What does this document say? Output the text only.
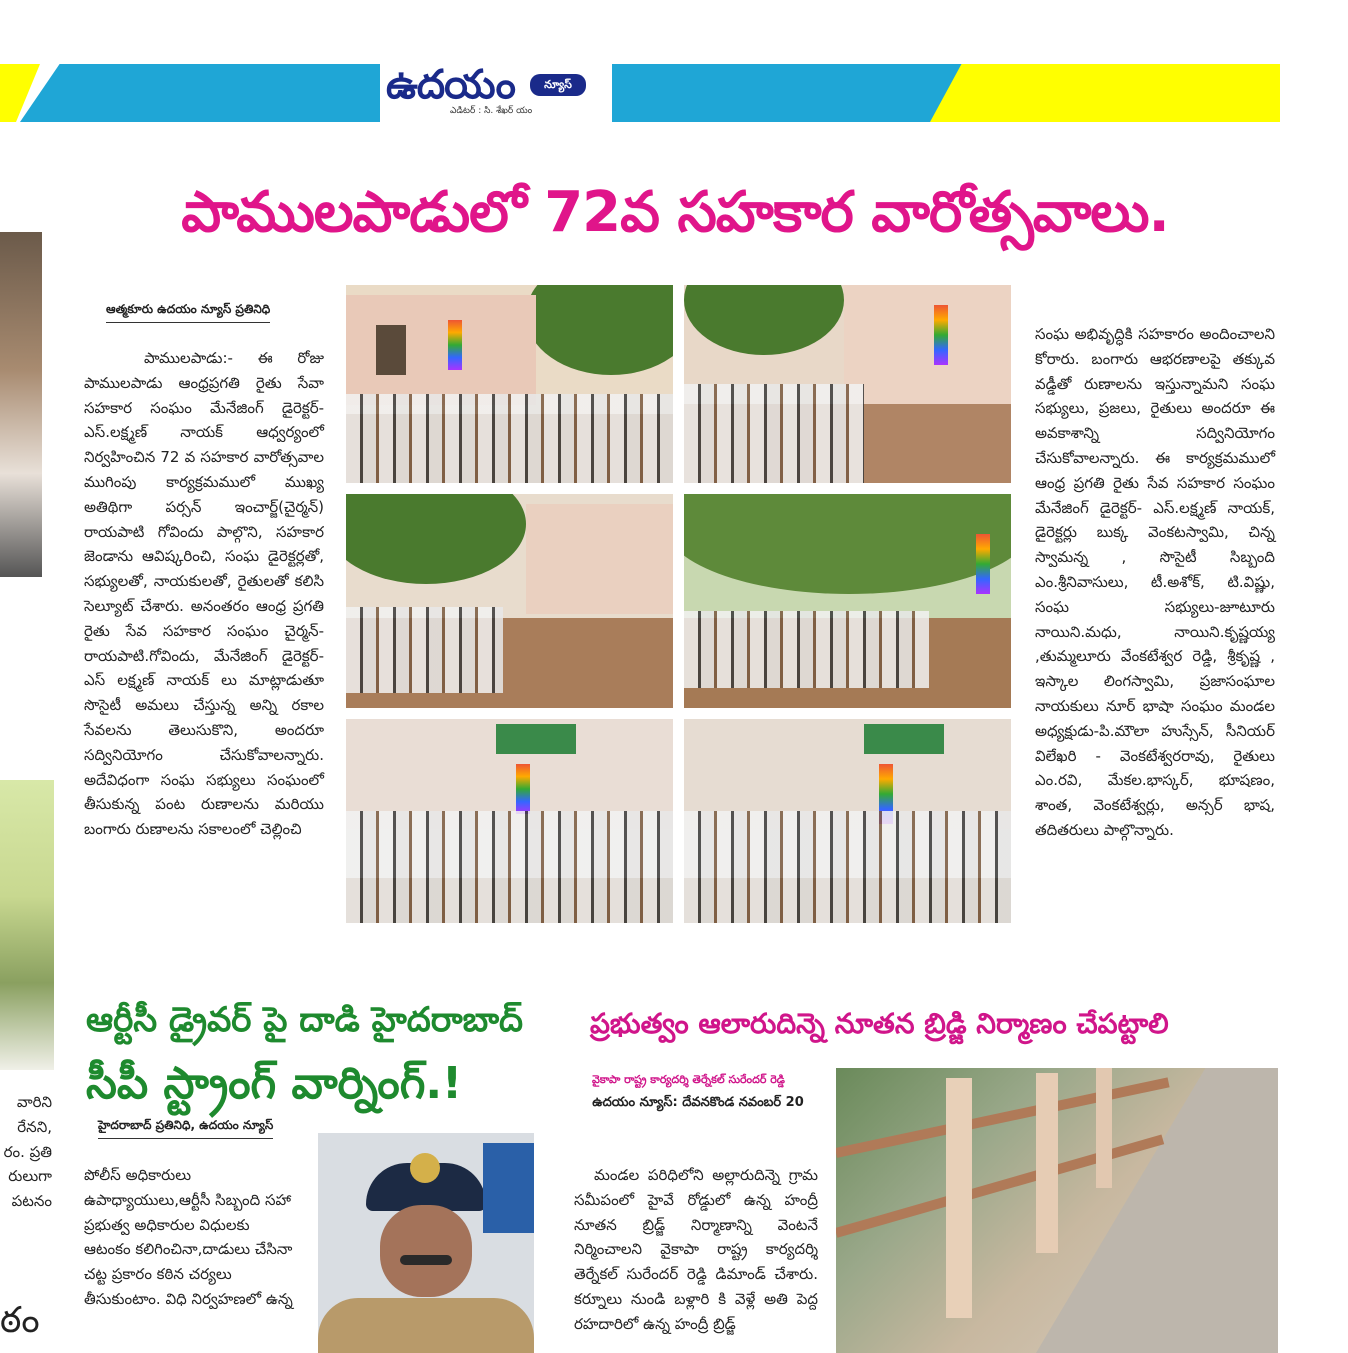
ఉదయం	న్యూస్
ఎడిటర్ : సి. శేఖర్ యం
పాములపాడులో 72వ సహకార వారోత్సవాలు.
ఆత్మకూరు ఉదయం న్యూస్ ప్రతినిధి

పాములపాడు:- ఈ రోజు పాములపాడు ఆంధ్రప్రగతి రైతు సేవా సహకార సంఘం మేనేజింగ్ డైరెక్టర్- ఎస్.లక్ష్మణ్ నాయక్ ఆధ్వర్యంలో నిర్వహించిన 72 వ సహకార వారోత్సవాల ముగింపు కార్యక్రమములో ముఖ్య అతిథిగా పర్సన్ ఇంచార్జ్(చైర్మన్) రాయపాటి గోవిందు పాల్గొని, సహకార జెండాను ఆవిష్కరించి, సంఘ డైరెక్టర్లతో, సభ్యులతో, నాయకులతో, రైతులతో కలిసి సెల్యూట్ చేశారు. అనంతరం ఆంధ్ర ప్రగతి రైతు సేవ సహకార సంఘం చైర్మన్- రాయపాటి.గోవిందు, మేనేజింగ్ డైరెక్టర్- ఎస్ లక్ష్మణ్ నాయక్ లు మాట్లాడుతూ సొసైటీ అమలు చేస్తున్న అన్ని రకాల సేవలను తెలుసుకొని, అందరూ సద్వినియోగం చేసుకోవాలన్నారు. అదేవిధంగా సంఘ సభ్యులు సంఘంలో తీసుకున్న పంట రుణాలను మరియు బంగారు రుణాలను సకాలంలో చెల్లించి

సంఘ అభివృద్ధికి సహకారం అందించాలని కోరారు. బంగారు ఆభరణాలపై తక్కువ వడ్డీతో రుణాలను ఇస్తున్నామని సంఘ సభ్యులు, ప్రజలు, రైతులు అందరూ ఈ అవకాశాన్ని సద్వినియోగం చేసుకోవాలన్నారు. ఈ కార్యక్రమములో ఆంధ్ర ప్రగతి రైతు సేవ సహకార సంఘం మేనేజింగ్ డైరెక్టర్- ఎస్.లక్ష్మణ్ నాయక్, డైరెక్టర్లు బుక్క వెంకటస్వామి, చిన్న స్వామన్న , సొసైటీ సిబ్బంది ఎం.శ్రీనివాసులు, టీ.అశోక్, టి.విష్ణు, సంఘ సభ్యులు-జూటూరు నాయిని.మధు, నాయిని.కృష్ణయ్య ,తుమ్మలూరు వేంకటేశ్వర రెడ్డి, శ్రీకృష్ణ , ఇస్కాల లింగస్వామి, ప్రజాసంఘాల నాయకులు నూర్ భాషా సంఘం మండల అధ్యక్షుడు-పి.మౌలా హుస్సేన్, సీనియర్ విలేఖరి - వెంకటేశ్వరరావు, రైతులు ఎం.రవి, మేకల.భాస్కర్, భూషణం, శాంత, వెంకటేశ్వర్లు, అన్సర్ భాష, తదితరులు పాల్గొన్నారు.

ఆర్టీసీ డ్రైవర్ పై దాడి హైదరాబాద్
సీపీ స్ట్రాంగ్ వార్నింగ్.!
హైదరాబాద్ ప్రతినిధి, ఉదయం న్యూస్

పోలీస్ అధికారులు ఉపాధ్యాయులు,ఆర్టీసీ సిబ్బంది సహా ప్రభుత్వ అధికారుల విధులకు ఆటంకం కలిగించినా,దాడులు చేసినా చట్ట ప్రకారం కఠిన చర్యలు తీసుకుంటాం. విధి నిర్వహణలో ఉన్న

ప్రభుత్వం ఆలారుదిన్నె నూతన బ్రిడ్జి నిర్మాణం చేపట్టాలి
వైకాపా రాష్ట్ర కార్యదర్శి తెర్నేకల్ సురేందర్ రెడ్డి
ఉదయం న్యూస్: దేవనకొండ నవంబర్ 20

మండల పరిధిలోని అల్లారుదిన్నె గ్రామ సమీపంలో హైవే రోడ్డులో ఉన్న హంద్రీ నూతన బ్రిడ్జ్ నిర్మాణాన్ని వెంటనే నిర్మించాలని వైకాపా రాష్ట్ర కార్యదర్శి తెర్నేకల్ సురేందర్ రెడ్డి డిమాండ్ చేశారు. కర్నూలు నుండి బళ్లారి కి వెళ్లే అతి పెద్ద రహదారిలో ఉన్న హంద్రీ బ్రిడ్జ్

వారిని
రేనని,
రం. ప్రతి
రులుగా
పటనం
ఠం
